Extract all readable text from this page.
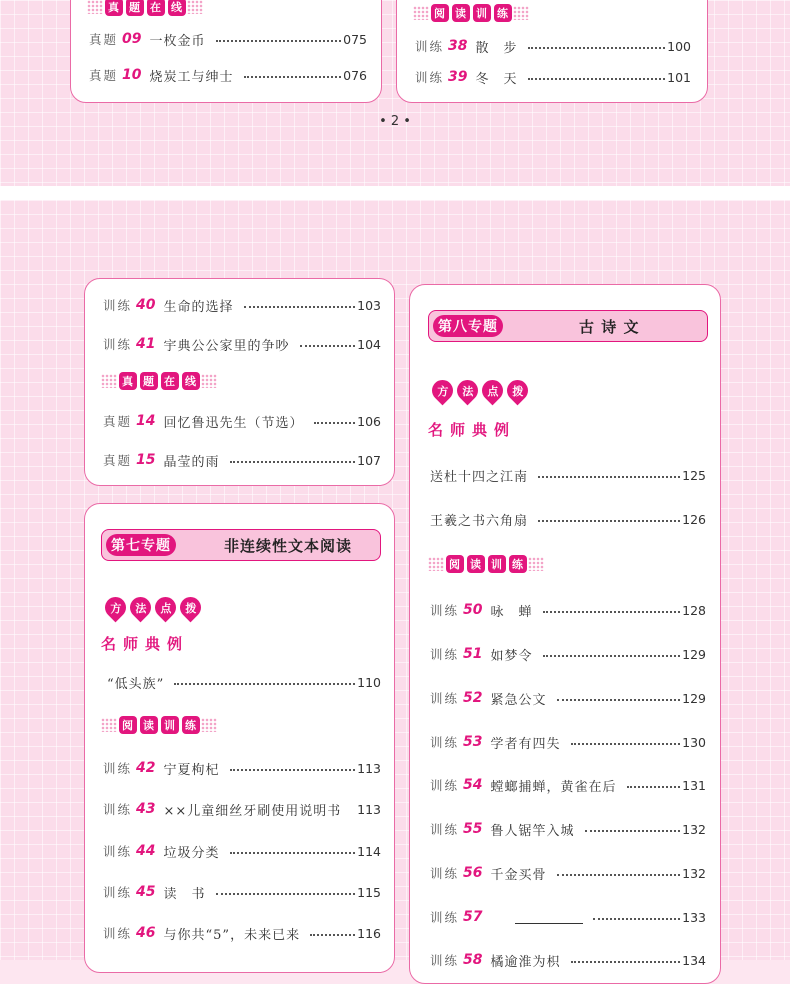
真 题 在 线
真题 09 一枚金币	075
真题 10 烧炭工与绅士	076
阅 读 训 练
训练 38 散　步	100
训练 39 冬　天	101
• 2 •
训练 40 生命的选择	103
训练 41 宇典公公家里的争吵	104
真 题 在 线
真题 14 回忆鲁迅先生（节选）	106
真题 15 晶莹的雨	107
第 七 专 题	非连续性文本阅读
方 法 点 拨
名师典例
“低头族”	110
阅 读 训 练
训练 42 宁夏枸杞	113
训练 43 ××儿童细丝牙刷使用说明书	113
训练 44 垃圾分类	114
训练 45 读　书	115
训练 46 与你共“5”，未来已来	116
第 八 专 题	古 诗 文
方 法 点 拨
名师典例
送杜十四之江南	125
王羲之书六角扇	126
阅 读 训 练
训练 50 咏　蝉	128
训练 51 如梦令	129
训练 52 紧急公文	129
训练 53 学者有四失	130
训练 54 螳螂捕蝉，黄雀在后	131
训练 55 鲁人锯竿入城	132
训练 56 千金买骨	132
训练 57	133
训练 58 橘逾淮为枳	134
